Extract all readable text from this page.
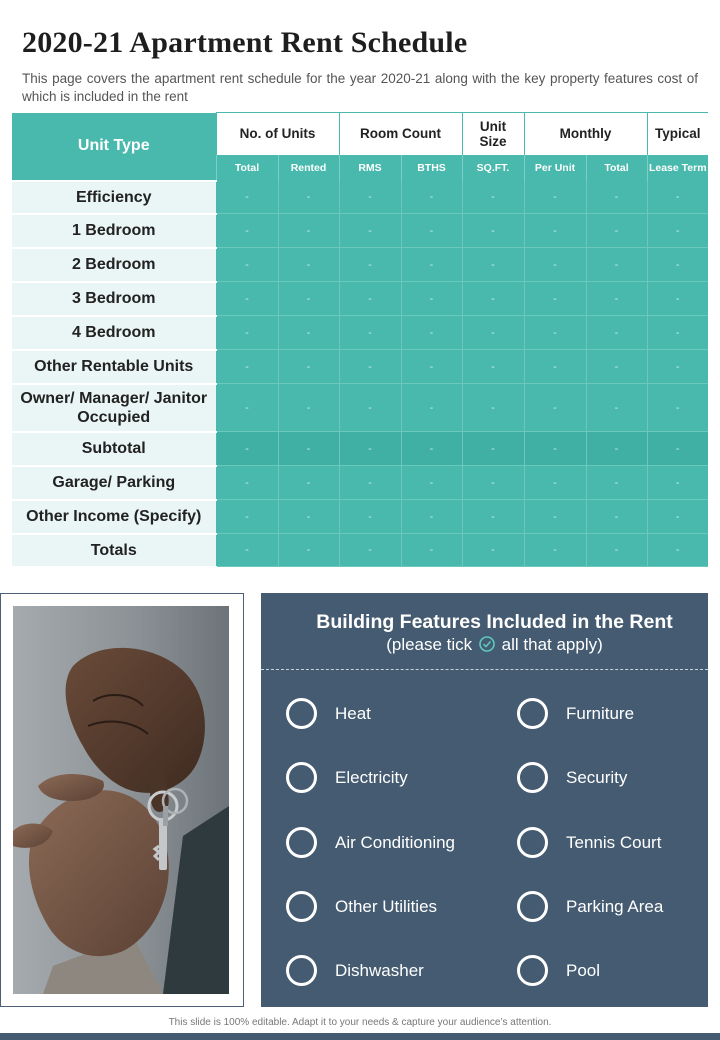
2020-21 Apartment Rent Schedule
This page covers the apartment rent schedule for the year 2020-21 along with the key property features cost of which is included in the rent
Unit Type	No. of Units		Room Count		Unit Size	Monthly		Typical
	Total	Rented	RMS	BTHS	SQ.FT.	Per Unit	Total	Lease Term
Efficiency	-	-	-	-	-	-	-	-
1 Bedroom	-	-	-	-	-	-	-	-
2 Bedroom	-	-	-	-	-	-	-	-
3 Bedroom	-	-	-	-	-	-	-	-
4 Bedroom	-	-	-	-	-	-	-	-
Other Rentable Units	-	-	-	-	-	-	-	-
Owner/ Manager/ Janitor Occupied	-	-	-	-	-	-	-	-
Subtotal	-	-	-	-	-	-	-	-
Garage/ Parking	-	-	-	-	-	-	-	-
Other Income (Specify)	-	-	-	-	-	-	-	-
Totals	-	-	-	-	-	-	-	-
Building Features Included in the Rent
(please tick all that apply)
Heat	Furniture
Electricity	Security
Air Conditioning	Tennis Court
Other Utilities	Parking Area
Dishwasher	Pool
This slide is 100% editable. Adapt it to your needs & capture your audience’s attention.
